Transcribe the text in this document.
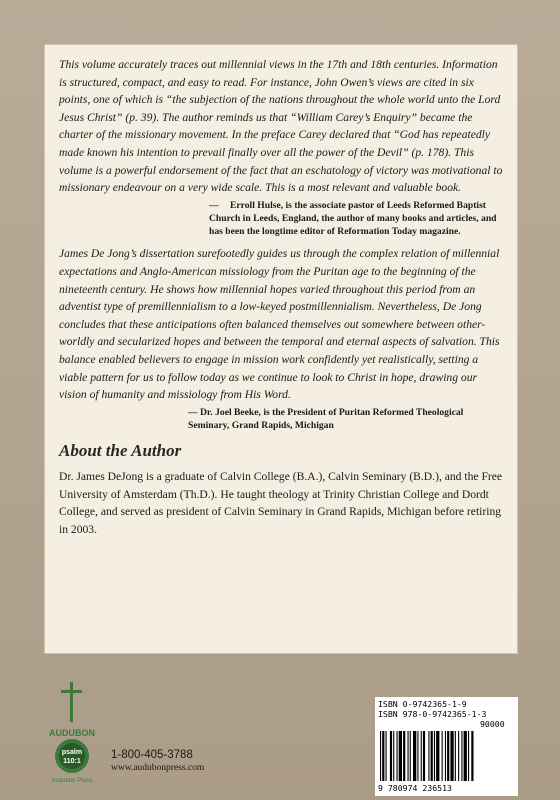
This volume accurately traces out millennial views in the 17th and 18th centuries. Information is structured, compact, and easy to read. For instance, John Owen’s views are cited in six points, one of which is “the subjection of the nations throughout the whole world unto the Lord Jesus Christ” (p. 39). The author reminds us that “William Carey’s Enquiry” became the charter of the missionary movement. In the preface Carey declared that “God has repeatedly made known his intention to prevail finally over all the power of the Devil” (p. 178). This volume is a powerful endorsement of the fact that an eschatology of victory was motivational to missionary endeavour on a very wide scale. This is a most relevant and valuable book.

— Erroll Hulse, is the associate pastor of Leeds Reformed Baptist Church in Leeds, England, the author of many books and articles, and has been the longtime editor of Reformation Today magazine.

James De Jong’s dissertation surefootedly guides us through the complex relation of millennial expectations and Anglo-American missiology from the Puritan age to the beginning of the nineteenth century. He shows how millennial hopes varied throughout this period from an adventist type of premillennialism to a low-keyed postmillennialism. Nevertheless, De Jong concludes that these anticipations often balanced themselves out somewhere between other-worldly and secularized hopes and between the temporal and eternal aspects of salvation. This balance enabled believers to engage in mission work confidently yet realistically, setting a viable pattern for us to follow today as we continue to look to Christ in hope, drawing our vision of humanity and missiology from His Word.

— Dr. Joel Beeke, is the President of Puritan Reformed Theological Seminary, Grand Rapids, Michigan

About the Author

Dr. James DeJong is a graduate of Calvin College (B.A.), Calvin Seminary (B.D.), and the Free University of Amsterdam (Th.D.). He taught theology at Trinity Christian College and Dordt College, and served as president of Calvin Seminary in Grand Rapids, Michigan before retiring in 2003.

AUDUBON
psalm
110:1
Audubon Press
1-800-405-3788
www.audubonpress.com
ISBN 0-9742365-1-9
ISBN 978-0-9742365-1-3
90000
9 780974 236513
